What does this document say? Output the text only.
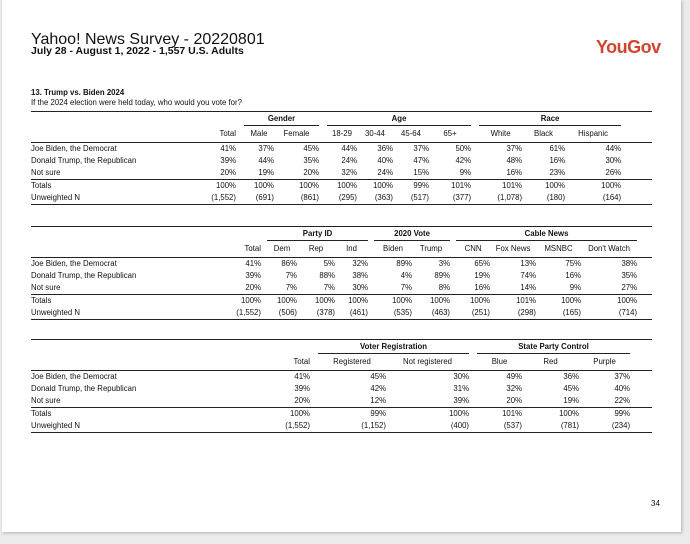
Yahoo! News Survey - 20220801
July 28 - August 1, 2022 - 1,557 U.S. Adults	YouGov
13. Trump vs. Biden 2024
If the 2024 election were held today, who would you vote for?
			Gender			Age					Race			
	Total		Male	Female		18-29	30-44	45-64	65+		White	Black	Hispanic	
Joe Biden, the Democrat	41%		37%	45%		44%	36%	37%	50%		37%	61%	44%	
Donald Trump, the Republican	39%		44%	35%		24%	40%	47%	42%		48%	16%	30%	
Not sure	20%		19%	20%		32%	24%	15%	9%		16%	23%	26%	
Totals	100%		100%	100%		100%	100%	99%	101%		101%	100%	100%	
Unweighted N	(1,552)		(691)	(861)		(295)	(363)	(517)	(377)		(1,078)	(180)	(164)	
			Party ID				2020 Vote			Cable News				
	Total		Dem	Rep	Ind		Biden	Trump		CNN	Fox News	MSNBC	Don't Watch	
Joe Biden, the Democrat	41%		86%	5%	32%		89%	3%		65%	13%	75%	38%	
Donald Trump, the Republican	39%		7%	88%	38%		4%	89%		19%	74%	16%	35%	
Not sure	20%		7%	7%	30%		7%	8%		16%	14%	9%	27%	
Totals	100%		100%	100%	100%		100%	100%		100%	101%	100%	100%	
Unweighted N	(1,552)		(506)	(378)	(461)		(535)	(463)		(251)	(298)	(165)	(714)	
			Voter Registration			State Party Control			
	Total		Registered	Not registered		Blue	Red	Purple	
Joe Biden, the Democrat	41%		45%	30%		49%	36%	37%	
Donald Trump, the Republican	39%		42%	31%		32%	45%	40%	
Not sure	20%		12%	39%		20%	19%	22%	
Totals	100%		99%	100%		101%	100%	99%	
Unweighted N	(1,552)		(1,152)	(400)		(537)	(781)	(234)	
34
